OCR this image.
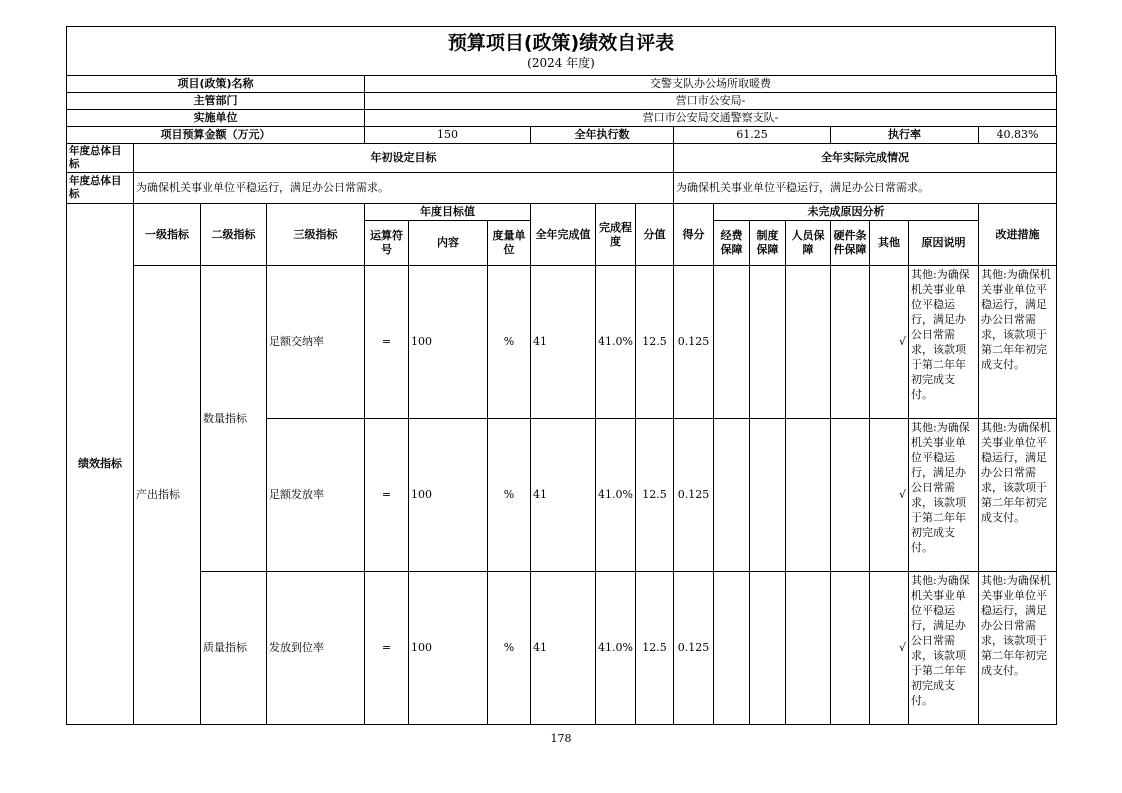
预算项目(政策)绩效自评表
(2024 年度)
项目(政策)名称				交警支队办公场所取暖费													
主管部门				营口市公安局-													
实施单位				营口市公安局交通警察支队-													
项目预算金额（万元）				150			全年执行数			61.25				执行率			40.83%
年度总体目标	年初设定目标									全年实际完成情况							
年度总体目标	为确保机关事业单位平稳运行，满足办公日常需求。									为确保机关事业单位平稳运行，满足办公日常需求。							
绩效指标	一级指标	二级指标	三级指标	年度目标值			全年完成值	完成程度	分值	得分	未完成原因分析						改进措施
				运算符号	内容	度量单位					经费保障	制度保障	人员保障	硬件条件保障	其他	原因说明	
	产出指标	数量指标	足额交纳率	=	100	%	41	41.0%	12.5	0.125					√	其他:为确保机关事业单位平稳运行，满足办公日常需求，该款项于第二年年初完成支付。	其他:为确保机关事业单位平稳运行，满足办公日常需求，该款项于第二年年初完成支付。
			足额发放率	=	100	%	41	41.0%	12.5	0.125					√	其他:为确保机关事业单位平稳运行，满足办公日常需求，该款项于第二年年初完成支付。	其他:为确保机关事业单位平稳运行，满足办公日常需求，该款项于第二年年初完成支付。
		质量指标	发放到位率	=	100	%	41	41.0%	12.5	0.125					√	其他:为确保机关事业单位平稳运行，满足办公日常需求，该款项于第二年年初完成支付。	其他:为确保机关事业单位平稳运行，满足办公日常需求，该款项于第二年年初完成支付。
178
